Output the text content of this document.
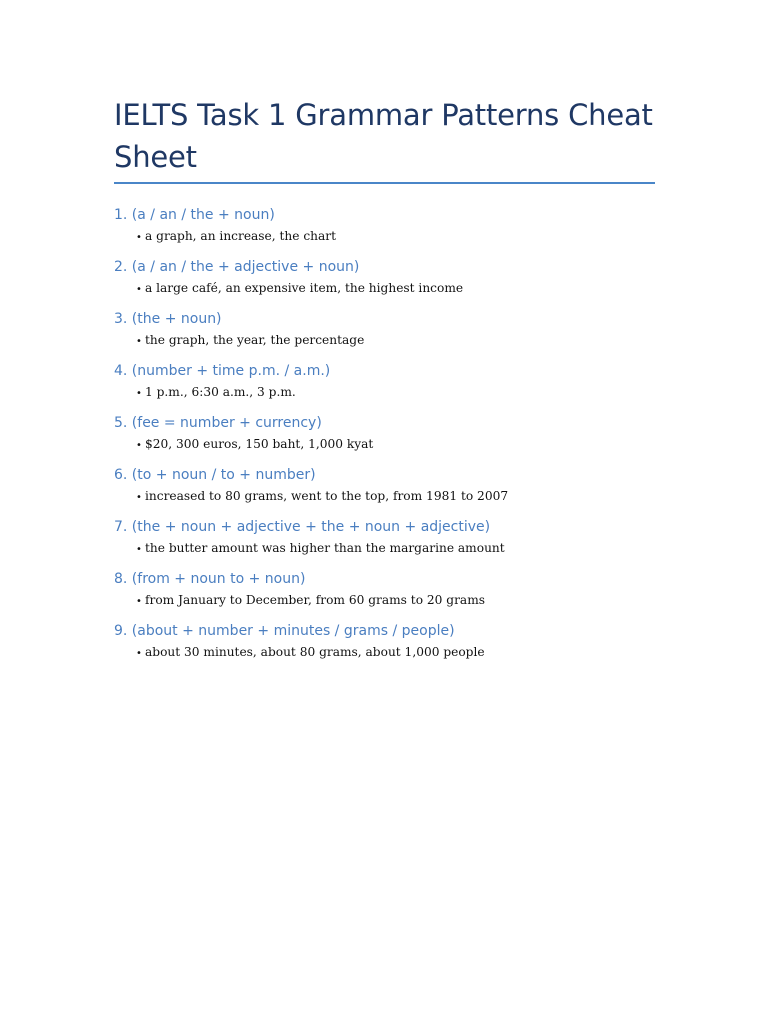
IELTS Task 1 Grammar Patterns Cheat Sheet

1. (a / an / the + noun)

• a graph, an increase, the chart

2. (a / an / the + adjective + noun)

• a large café, an expensive item, the highest income

3. (the + noun)

• the graph, the year, the percentage

4. (number + time p.m. / a.m.)

• 1 p.m., 6:30 a.m., 3 p.m.

5. (fee = number + currency)

• $20, 300 euros, 150 baht, 1,000 kyat

6. (to + noun / to + number)

• increased to 80 grams, went to the top, from 1981 to 2007

7. (the + noun + adjective + the + noun + adjective)

• the butter amount was higher than the margarine amount

8. (from + noun to + noun)

• from January to December, from 60 grams to 20 grams

9. (about + number + minutes / grams / people)

• about 30 minutes, about 80 grams, about 1,000 people
